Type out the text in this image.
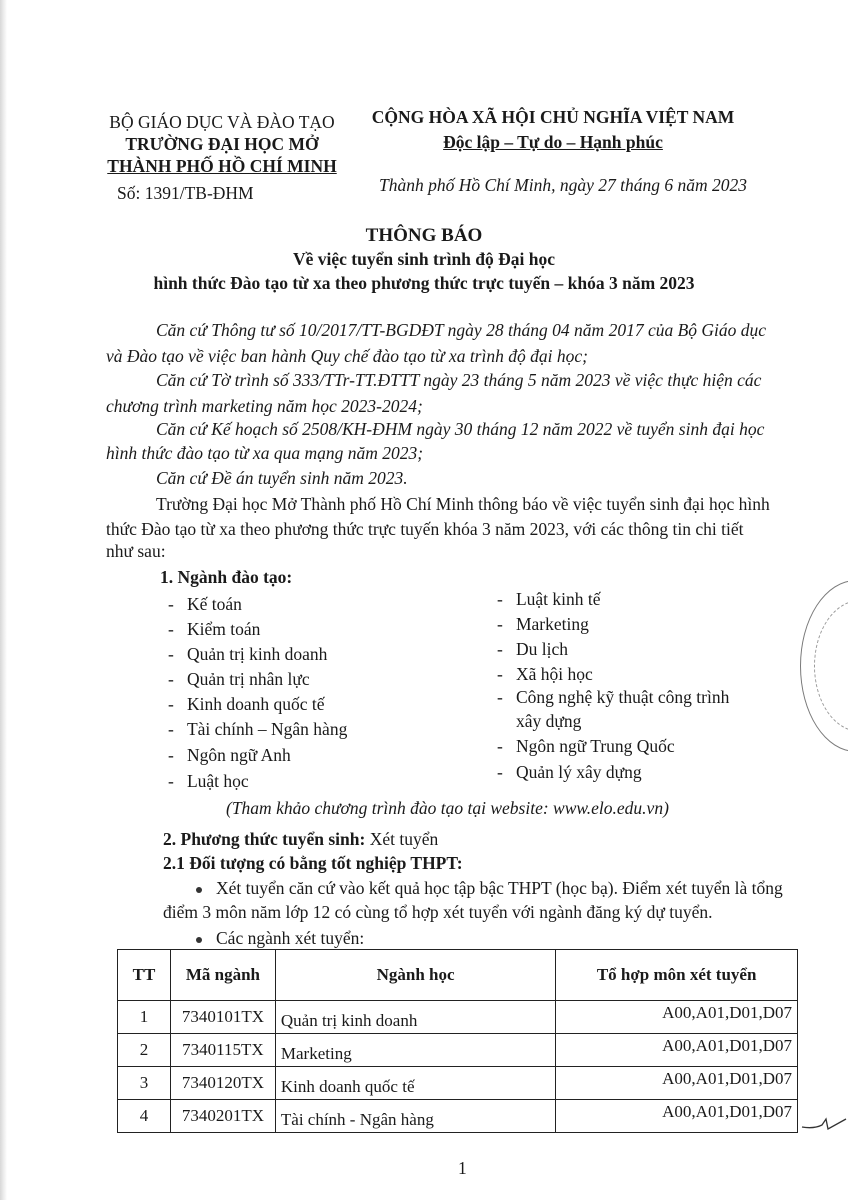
BỘ GIÁO DỤC VÀ ĐÀO TẠO
TRƯỜNG ĐẠI HỌC MỞ
THÀNH PHỐ HỒ CHÍ MINH
Số: 1391/TB-ĐHM
CỘNG HÒA XÃ HỘI CHỦ NGHĨA VIỆT NAM
Độc lập – Tự do – Hạnh phúc
Thành phố Hồ Chí Minh, ngày 27 tháng 6 năm 2023
THÔNG BÁO
Về việc tuyển sinh trình độ Đại học
hình thức Đào tạo từ xa theo phương thức trực tuyến – khóa 3 năm 2023
Căn cứ Thông tư số 10/2017/TT-BGDĐT ngày 28 tháng 04 năm 2017 của Bộ Giáo dục
và Đào tạo về việc ban hành Quy chế đào tạo từ xa trình độ đại học;
Căn cứ Tờ trình số 333/TTr-TT.ĐTTT ngày 23 tháng 5 năm 2023 về việc thực hiện các
chương trình marketing năm học 2023-2024;
Căn cứ Kế hoạch số 2508/KH-ĐHM ngày 30 tháng 12 năm 2022 về tuyển sinh đại học
hình thức đào tạo từ xa qua mạng năm 2023;
Căn cứ Đề án tuyển sinh năm 2023.
Trường Đại học Mở Thành phố Hồ Chí Minh thông báo về việc tuyển sinh đại học hình
thức Đào tạo từ xa theo phương thức trực tuyến khóa 3 năm 2023, với các thông tin chi tiết
như sau:
1. Ngành đào tạo:
-   Kế toán
-   Kiểm toán
-   Quản trị kinh doanh
-   Quản trị nhân lực
-   Kinh doanh quốc tế
-   Tài chính – Ngân hàng
-   Ngôn ngữ Anh
-   Luật học
-   Luật kinh tế
-   Marketing
-   Du lịch
-   Xã hội học
-   Công nghệ kỹ thuật công trình
xây dựng
-   Ngôn ngữ Trung Quốc
-   Quản lý xây dựng
(Tham khảo chương trình đào tạo tại website: www.elo.edu.vn)
2. Phương thức tuyển sinh: Xét tuyển
2.1 Đối tượng có bằng tốt nghiệp THPT:
Xét tuyển căn cứ vào kết quả học tập bậc THPT (học bạ). Điểm xét tuyển là tổng
điểm 3 môn năm lớp 12 có cùng tổ hợp xét tuyển với ngành đăng ký dự tuyển.
Các ngành xét tuyển:
TT	Mã ngành	Ngành học	Tổ hợp môn xét tuyển
1	7340101TX	Quản trị kinh doanh	A00,A01,D01,D07
2	7340115TX	Marketing	A00,A01,D01,D07
3	7340120TX	Kinh doanh quốc tế	A00,A01,D01,D07
4	7340201TX	Tài chính - Ngân hàng	A00,A01,D01,D07
1
